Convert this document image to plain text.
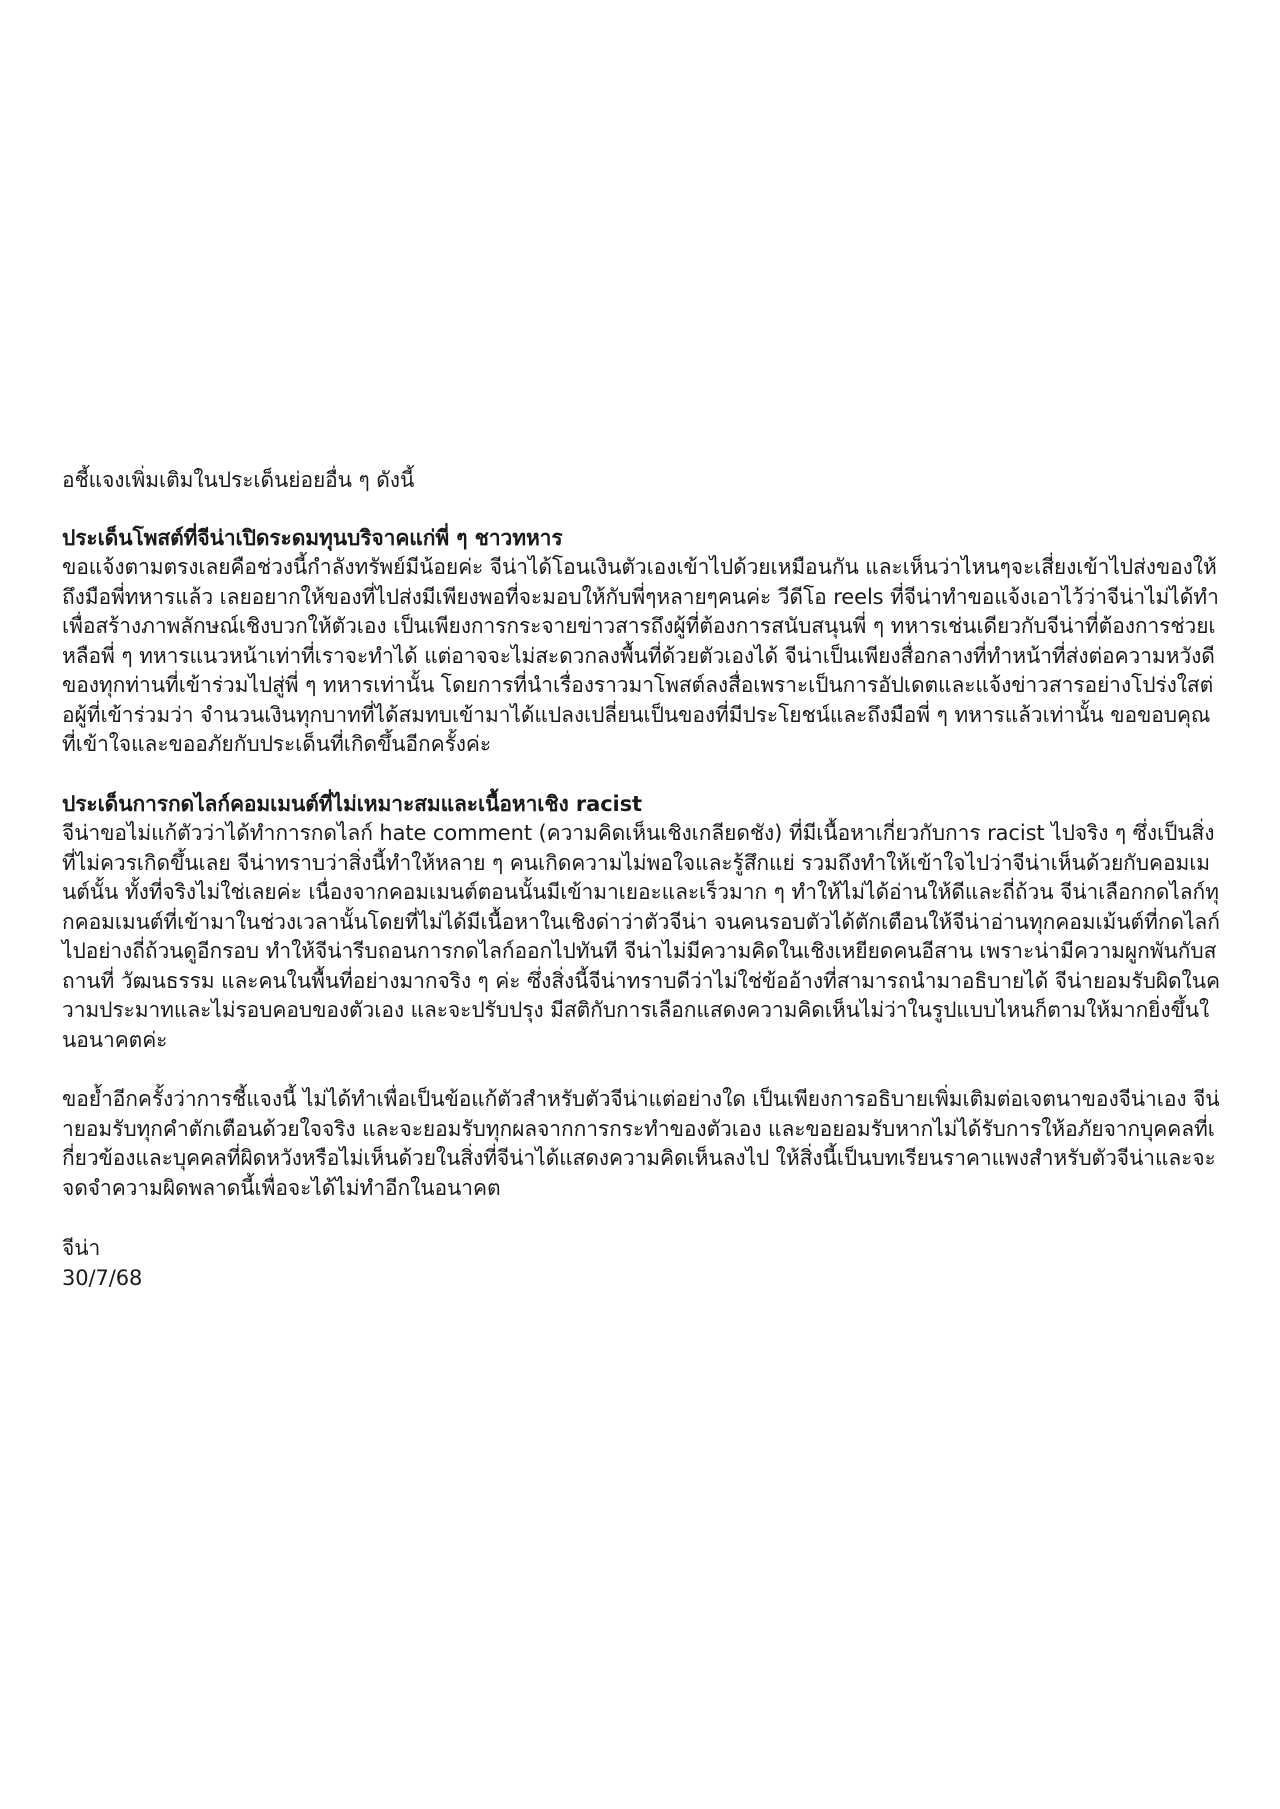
อชี้แจงเพิ่มเติมในประเด็นย่อยอื่น ๆ ดังนี้

ประเด็นโพสต์ที่จีน่าเปิดระดมทุนบริจาคแก่พี่ ๆ ชาวทหาร

ขอแจ้งตามตรงเลยคือช่วงนี้กำลังทรัพย์มีน้อยค่ะ จีน่าได้โอนเงินตัวเองเข้าไปด้วยเหมือนกัน และเห็นว่าไหนๆจะเสี่ยงเข้าไปส่งของให้ถึงมือพี่ทหารแล้ว เลยอยากให้ของที่ไปส่งมีเพียงพอที่จะมอบให้กับพี่ๆหลายๆคนค่ะ วีดีโอ reels ที่จีน่าทำขอแจ้งเอาไว้ว่าจีน่าไม่ได้ทำเพื่อสร้างภาพลักษณ์เชิงบวกให้ตัวเอง เป็นเพียงการกระจายข่าวสารถึงผู้ที่ต้องการสนับสนุนพี่ ๆ ทหารเช่นเดียวกับจีน่าที่ต้องการช่วยเหลือพี่ ๆ ทหารแนวหน้าเท่าที่เราจะทำได้ แต่อาจจะไม่สะดวกลงพื้นที่ด้วยตัวเองได้ จีน่าเป็นเพียงสื่อกลางที่ทำหน้าที่ส่งต่อความหวังดีของทุกท่านที่เข้าร่วมไปสู่พี่ ๆ ทหารเท่านั้น โดยการที่นำเรื่องราวมาโพสต์ลงสื่อเพราะเป็นการอัปเดตและแจ้งข่าวสารอย่างโปร่งใสต่อผู้ที่เข้าร่วมว่า จำนวนเงินทุกบาทที่ได้สมทบเข้ามาได้แปลงเปลี่ยนเป็นของที่มีประโยชน์และถึงมือพี่ ๆ ทหารแล้วเท่านั้น ขอขอบคุณที่เข้าใจและขออภัยกับประเด็นที่เกิดขึ้นอีกครั้งค่ะ

ประเด็นการกดไลก์คอมเมนต์ที่ไม่เหมาะสมและเนื้อหาเชิง racist

จีน่าขอไม่แก้ตัวว่าได้ทำการกดไลก์ hate comment (ความคิดเห็นเชิงเกลียดชัง) ที่มีเนื้อหาเกี่ยวกับการ racist ไปจริง ๆ ซึ่งเป็นสิ่งที่ไม่ควรเกิดขึ้นเลย จีน่าทราบว่าสิ่งนี้ทำให้หลาย ๆ คนเกิดความไม่พอใจและรู้สึกแย่ รวมถึงทำให้เข้าใจไปว่าจีน่าเห็นด้วยกับคอมเมนต์นั้น ทั้งที่จริงไม่ใช่เลยค่ะ เนื่องจากคอมเมนต์ตอนนั้นมีเข้ามาเยอะและเร็วมาก ๆ ทำให้ไม่ได้อ่านให้ดีและถี่ถ้วน จีน่าเลือกกดไลก์ทุกคอมเมนต์ที่เข้ามาในช่วงเวลานั้นโดยที่ไม่ได้มีเนื้อหาในเชิงด่าว่าตัวจีน่า จนคนรอบตัวได้ตักเตือนให้จีน่าอ่านทุกคอมเม้นต์ที่กดไลก์ไปอย่างถี่ถ้วนดูอีกรอบ ทำให้จีน่ารีบถอนการกดไลก์ออกไปทันที จีน่าไม่มีความคิดในเชิงเหยียดคนอีสาน เพราะน่ามีความผูกพันกับสถานที่ วัฒนธรรม และคนในพื้นที่อย่างมากจริง ๆ ค่ะ ซึ่งสิ่งนี้จีน่าทราบดีว่าไม่ใช่ข้ออ้างที่สามารถนำมาอธิบายได้ จีน่ายอมรับผิดในความประมาทและไม่รอบคอบของตัวเอง และจะปรับปรุง มีสติกับการเลือกแสดงความคิดเห็นไม่ว่าในรูปแบบไหนก็ตามให้มากยิ่งขึ้นในอนาคตค่ะ

ขอย้ำอีกครั้งว่าการชี้แจงนี้ ไม่ได้ทำเพื่อเป็นข้อแก้ตัวสำหรับตัวจีน่าแต่อย่างใด เป็นเพียงการอธิบายเพิ่มเติมต่อเจตนาของจีน่าเอง จีน่ายอมรับทุกคำตักเตือนด้วยใจจริง และจะยอมรับทุกผลจากการกระทำของตัวเอง และขอยอมรับหากไม่ได้รับการให้อภัยจากบุคคลที่เกี่ยวข้องและบุคคลที่ผิดหวังหรือไม่เห็นด้วยในสิ่งที่จีน่าได้แสดงความคิดเห็นลงไป ให้สิ่งนี้เป็นบทเรียนราคาแพงสำหรับตัวจีน่าและจะจดจำความผิดพลาดนี้เพื่อจะได้ไม่ทำอีกในอนาคต

จีน่า

30/7/68
